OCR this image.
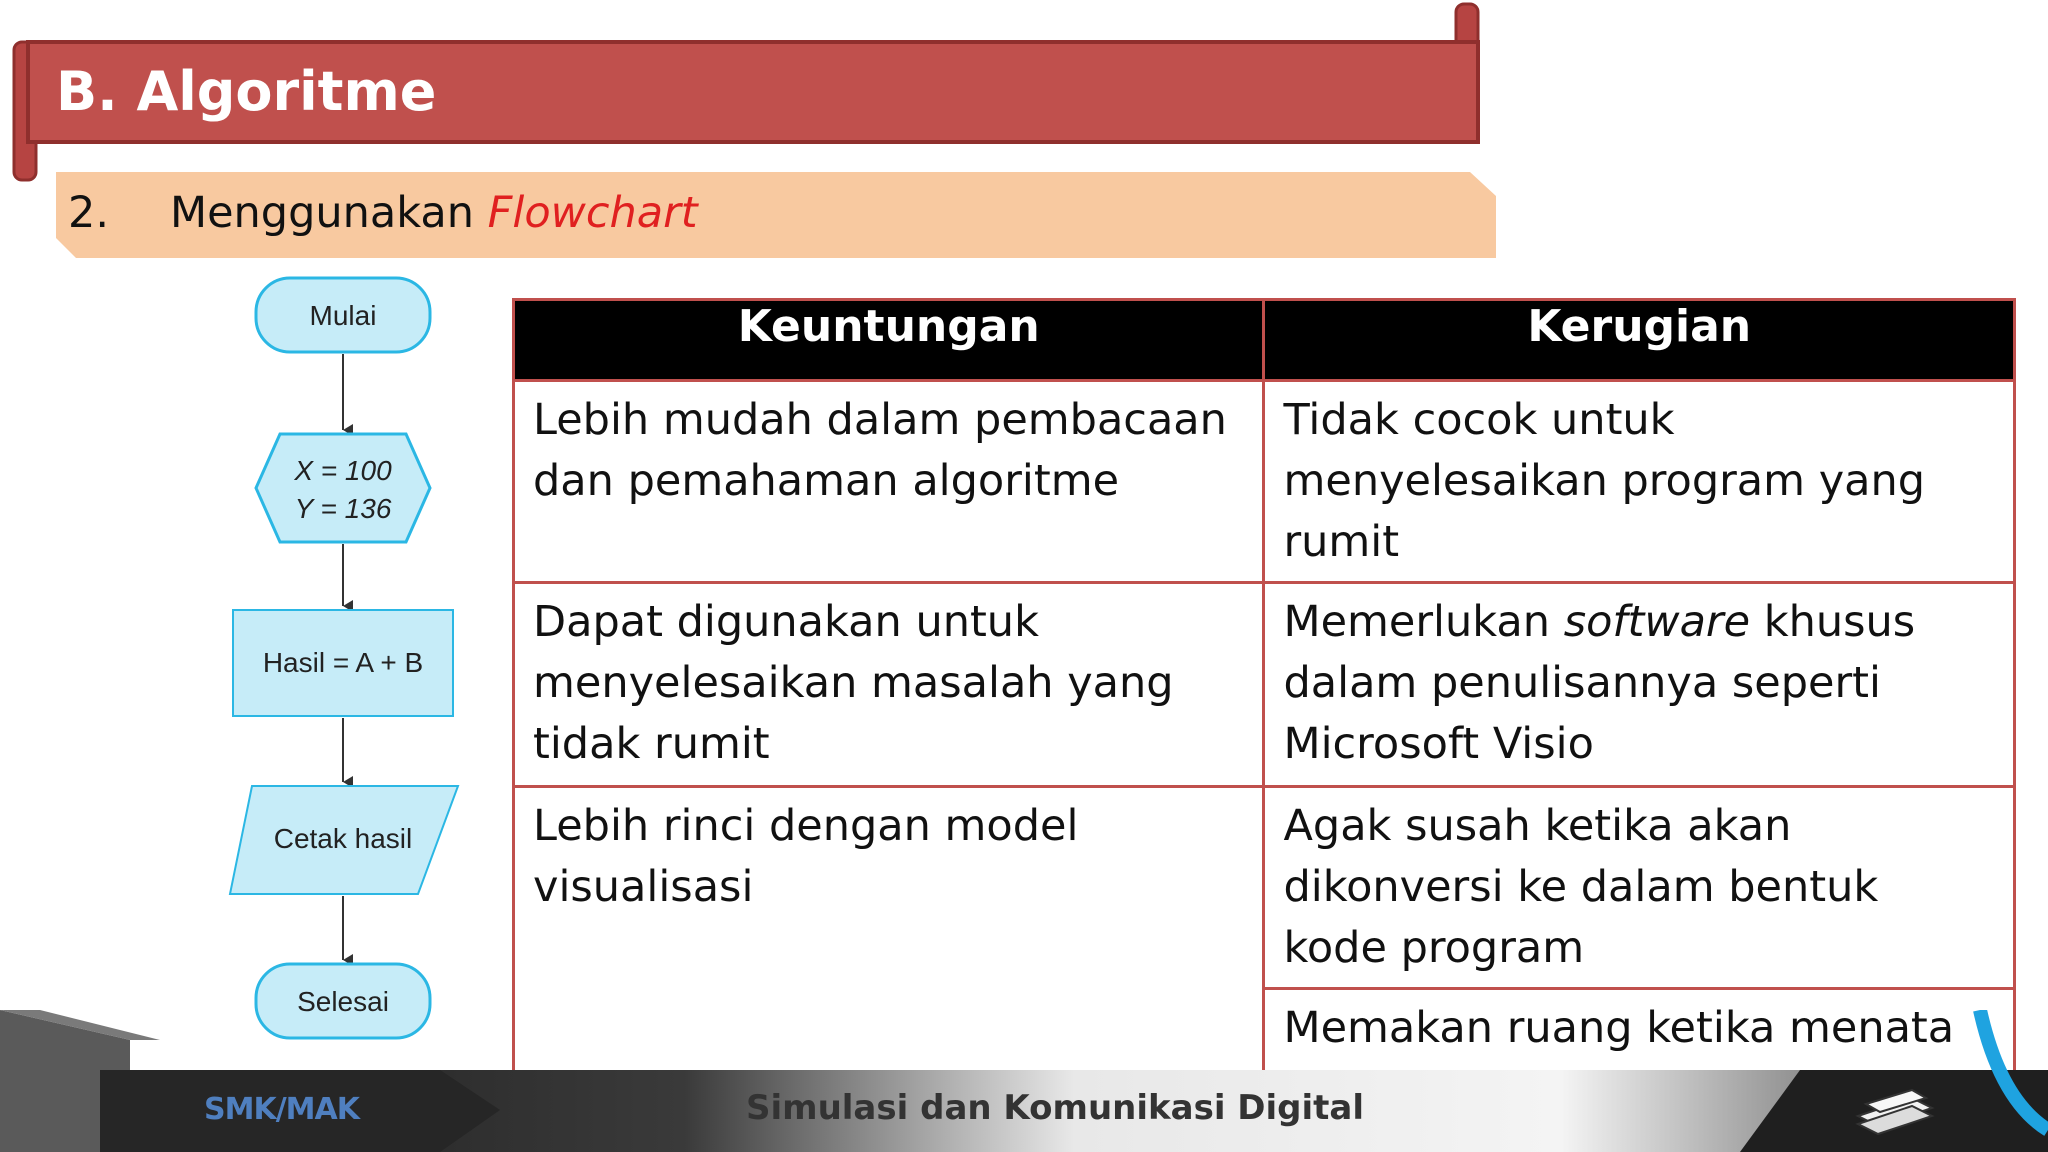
B. Algoritme
2. Menggunakan Flowchart
Mulai
X = 100
Y = 136
Hasil = A + B
Cetak hasil
Selesai
Keuntungan	Kerugian
Lebih mudah dalam pembacaan dan pemahaman algoritme	Tidak cocok untuk menyelesaikan program yang rumit
Dapat digunakan untuk menyelesaikan masalah yang tidak rumit	Memerlukan software khusus dalam penulisannya seperti Microsoft Visio
Lebih rinci dengan model visualisasi	Agak susah ketika akan dikonversi ke dalam bentuk kode program
	Memakan ruang ketika menata
SMK/MAK	Simulasi dan Komunikasi Digital
